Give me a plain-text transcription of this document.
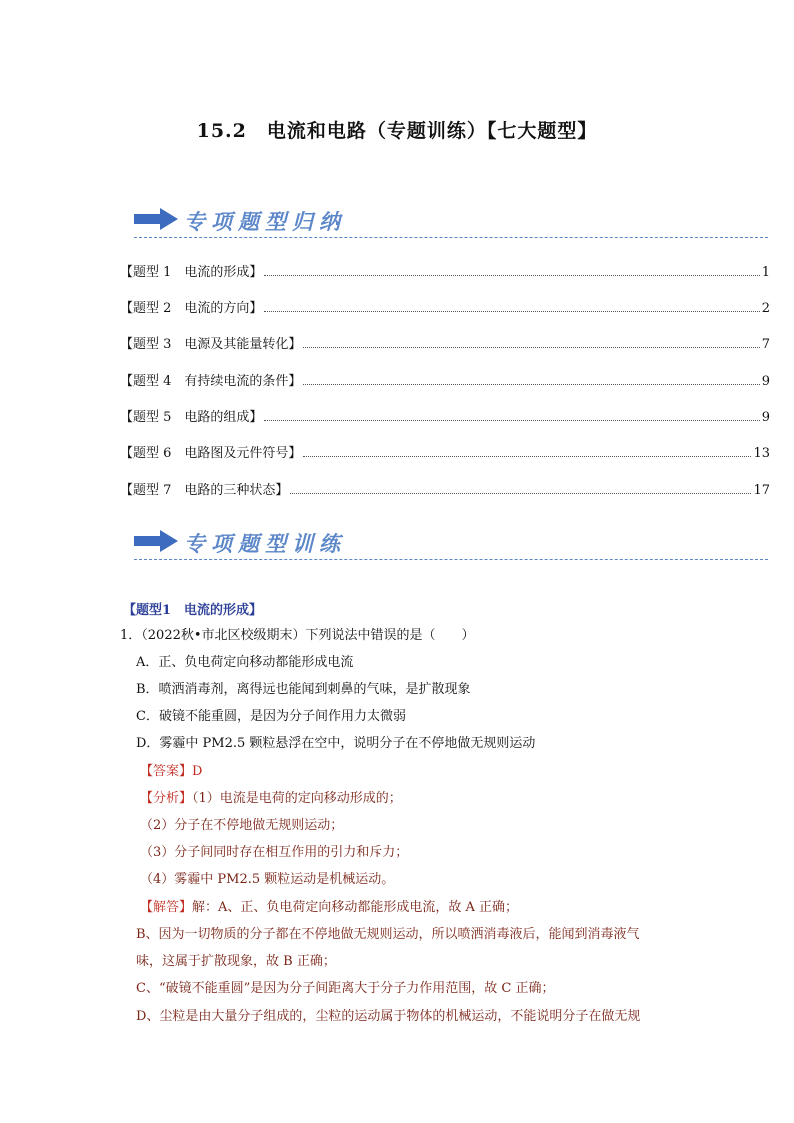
15.2　电流和电路（专题训练）【七大题型】
专项题型归纳
【题型 1　电流的形成】	1
【题型 2　电流的方向】	2
【题型 3　电源及其能量转化】	7
【题型 4　有持续电流的条件】	9
【题型 5　电路的组成】	9
【题型 6　电路图及元件符号】	13
【题型 7　电路的三种状态】	17
专项题型训练
【题型1　电流的形成】
1．（2022秋•市北区校级期末）下列说法中错误的是（　　）
A．正、负电荷定向移动都能形成电流
B．喷洒消毒剂，离得远也能闻到刺鼻的气味，是扩散现象
C．破镜不能重圆，是因为分子间作用力太微弱
D．雾霾中 PM2.5 颗粒悬浮在空中，说明分子在不停地做无规则运动
【答案】D
【分析】（1）电流是电荷的定向移动形成的；
（2）分子在不停地做无规则运动；
（3）分子间同时存在相互作用的引力和斥力；
（4）雾霾中 PM2.5 颗粒运动是机械运动。
【解答】解：A、正、负电荷定向移动都能形成电流，故 A 正确；
B、因为一切物质的分子都在不停地做无规则运动，所以喷洒消毒液后，能闻到消毒液气
味，这属于扩散现象，故 B 正确；
C、“破镜不能重圆”是因为分子间距离大于分子力作用范围，故 C 正确；
D、尘粒是由大量分子组成的，尘粒的运动属于物体的机械运动，不能说明分子在做无规
